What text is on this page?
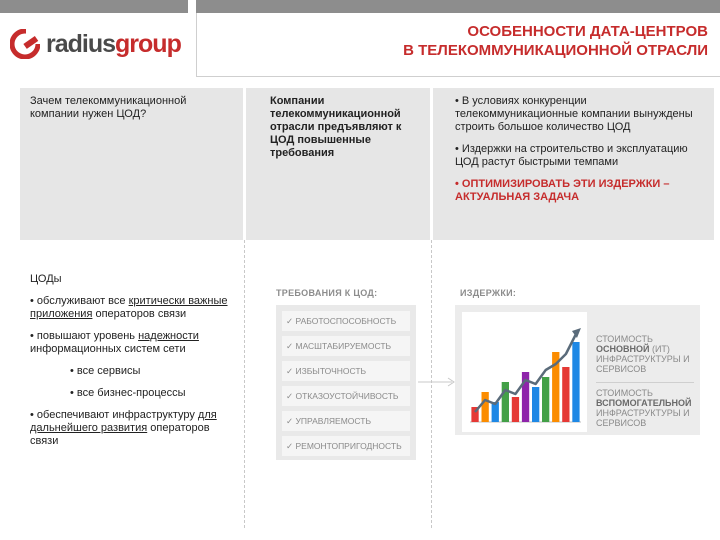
radiusgroup	ОСОБЕННОСТИ ДАТА-ЦЕНТРОВ
В ТЕЛЕКОММУНИКАЦИОННОЙ ОТРАСЛИ
Зачем телекоммуникационной компании нужен ЦОД?
Компании телекоммуникационной отрасли предъявляют к ЦОД повышенные требования

• В условиях конкуренции телекоммуникационные компании вынуждены строить большое количество ЦОД

• Издержки на строительство и эксплуатацию ЦОД растут быстрыми темпами

• ОПТИМИЗИРОВАТЬ ЭТИ ИЗДЕРЖКИ – АКТУАЛЬНАЯ ЗАДАЧА

ЦОДы

• обслуживают все критически важные приложения операторов связи

• повышают уровень надежности информационных систем сети

• все сервисы

• все бизнес-процессы

• обеспечивают инфраструктуру для дальнейшего развития операторов связи

ТРЕБОВАНИЯ К ЦОД:
✓ РАБОТОСПОСОБНОСТЬ
✓ МАСШТАБИРУЕМОСТЬ
✓ ИЗБЫТОЧНОСТЬ
✓ ОТКАЗОУСТОЙЧИВОСТЬ
✓ УПРАВЛЯЕМОСТЬ
✓ РЕМОНТОПРИГОДНОСТЬ
ИЗДЕРЖКИ:
СТОИМОСТЬ ОСНОВНОЙ (ИТ) ИНФРАСТРУКТУРЫ И СЕРВИСОВ
СТОИМОСТЬ ВСПОМОГАТЕЛЬНОЙ ИНФРАСТРУКТУРЫ И СЕРВИСОВ
